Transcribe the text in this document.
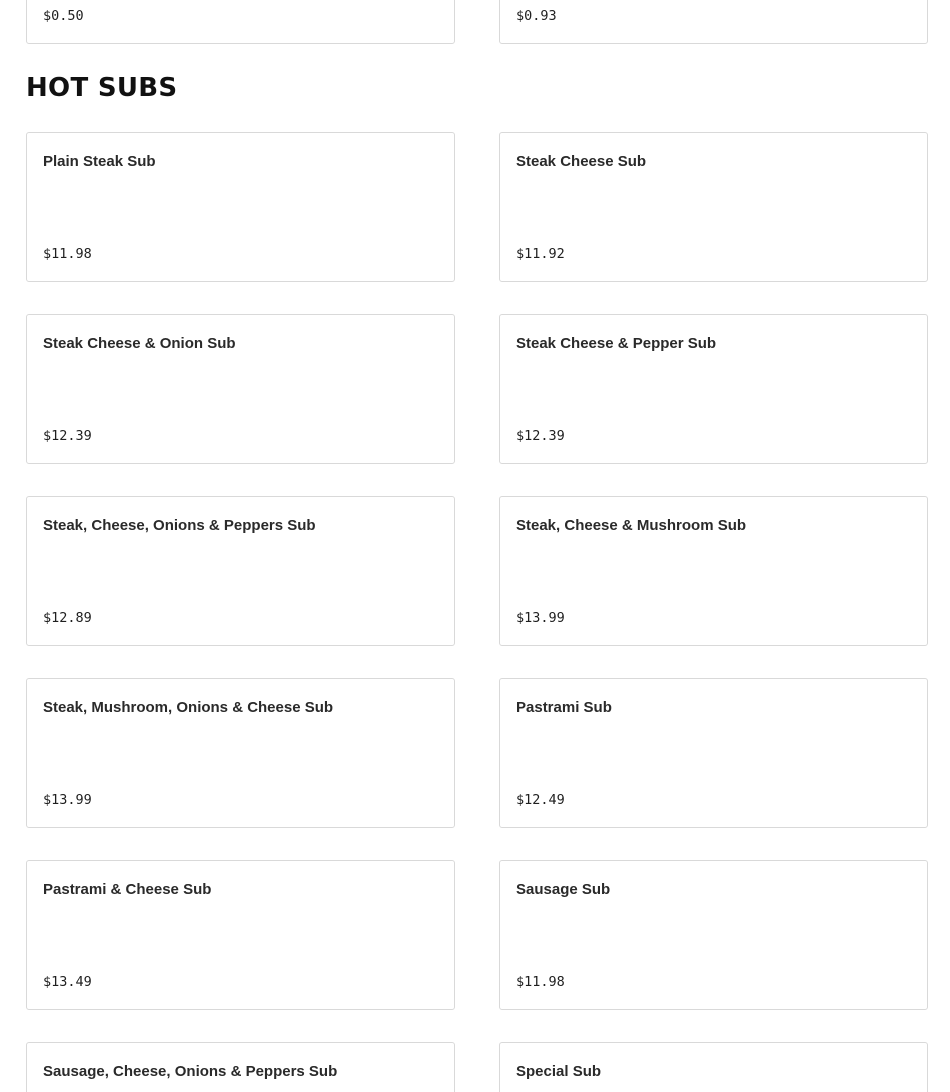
$0.50	$0.93
HOT SUBS
Plain Steak Sub
$11.98
Steak Cheese Sub
$11.92
Steak Cheese & Onion Sub
$12.39
Steak Cheese & Pepper Sub
$12.39
Steak, Cheese, Onions & Peppers Sub
$12.89
Steak, Cheese & Mushroom Sub
$13.99
Steak, Mushroom, Onions & Cheese Sub
$13.99
Pastrami Sub
$12.49
Pastrami & Cheese Sub
$13.49
Sausage Sub
$11.98
Sausage, Cheese, Onions & Peppers Sub	Special Sub
